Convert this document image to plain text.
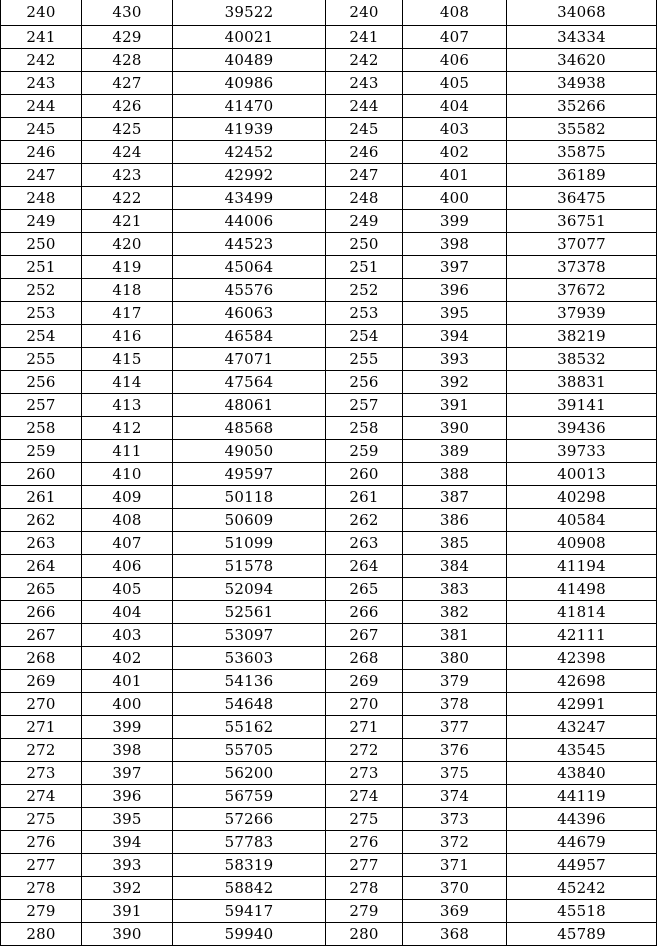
240	430	39522	240	408	34068
241	429	40021	241	407	34334
242	428	40489	242	406	34620
243	427	40986	243	405	34938
244	426	41470	244	404	35266
245	425	41939	245	403	35582
246	424	42452	246	402	35875
247	423	42992	247	401	36189
248	422	43499	248	400	36475
249	421	44006	249	399	36751
250	420	44523	250	398	37077
251	419	45064	251	397	37378
252	418	45576	252	396	37672
253	417	46063	253	395	37939
254	416	46584	254	394	38219
255	415	47071	255	393	38532
256	414	47564	256	392	38831
257	413	48061	257	391	39141
258	412	48568	258	390	39436
259	411	49050	259	389	39733
260	410	49597	260	388	40013
261	409	50118	261	387	40298
262	408	50609	262	386	40584
263	407	51099	263	385	40908
264	406	51578	264	384	41194
265	405	52094	265	383	41498
266	404	52561	266	382	41814
267	403	53097	267	381	42111
268	402	53603	268	380	42398
269	401	54136	269	379	42698
270	400	54648	270	378	42991
271	399	55162	271	377	43247
272	398	55705	272	376	43545
273	397	56200	273	375	43840
274	396	56759	274	374	44119
275	395	57266	275	373	44396
276	394	57783	276	372	44679
277	393	58319	277	371	44957
278	392	58842	278	370	45242
279	391	59417	279	369	45518
280	390	59940	280	368	45789
